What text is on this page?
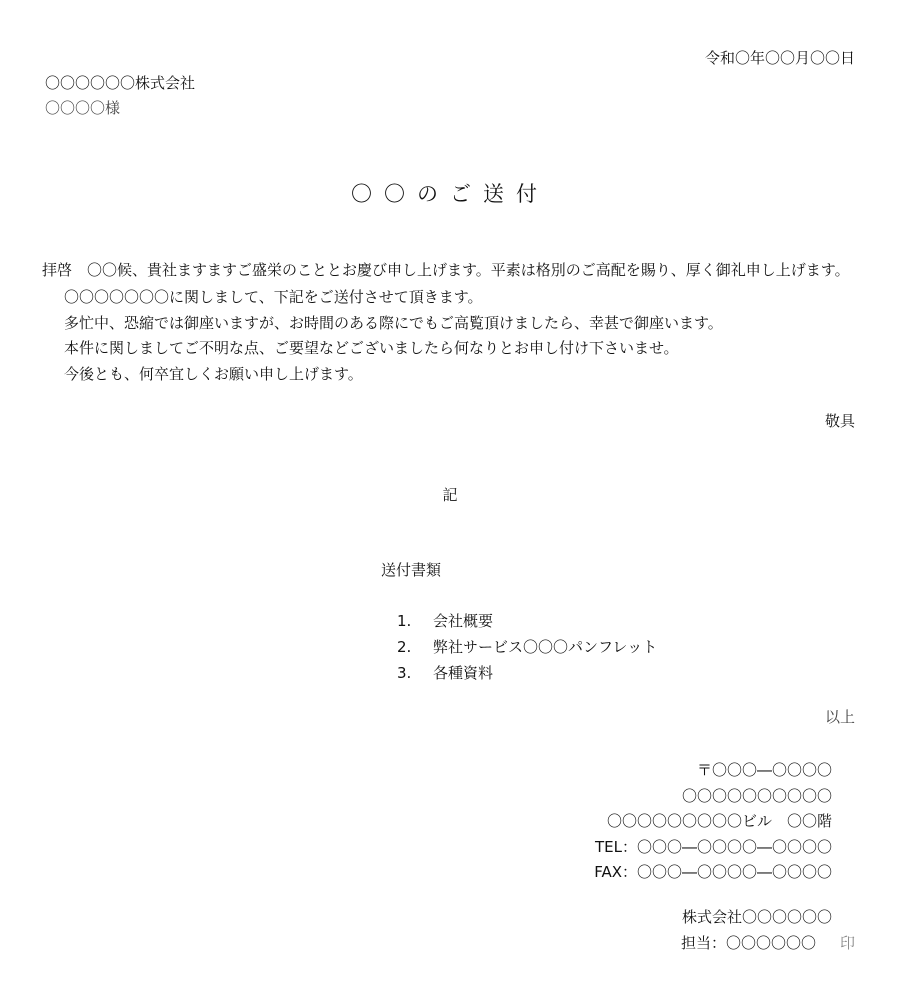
令和〇年〇〇月〇〇日
〇〇〇〇〇〇株式会社
〇〇〇〇様
〇〇のご送付

拝啓　〇〇候、貴社ますますご盛栄のこととお慶び申し上げます。平素は格別のご高配を賜り、厚く御礼申し上げます。

〇〇〇〇〇〇〇に関しまして、下記をご送付させて頂きます。

多忙中、恐縮では御座いますが、お時間のある際にでもご高覧頂けましたら、幸甚で御座います。

本件に関しましてご不明な点、ご要望などございましたら何なりとお申し付け下さいませ。

今後とも、何卒宜しくお願い申し上げます。

敬具
記
送付書類
1.	会社概要
2.	弊社サービス〇〇〇パンフレット
3.	各種資料
以上
〒〇〇〇―〇〇〇〇
〇〇〇〇〇〇〇〇〇〇
〇〇〇〇〇〇〇〇〇ビル　〇〇階
TEL：〇〇〇―〇〇〇〇―〇〇〇〇
FAX：〇〇〇―〇〇〇〇―〇〇〇〇
株式会社〇〇〇〇〇〇
担当：〇〇〇〇〇〇 印
